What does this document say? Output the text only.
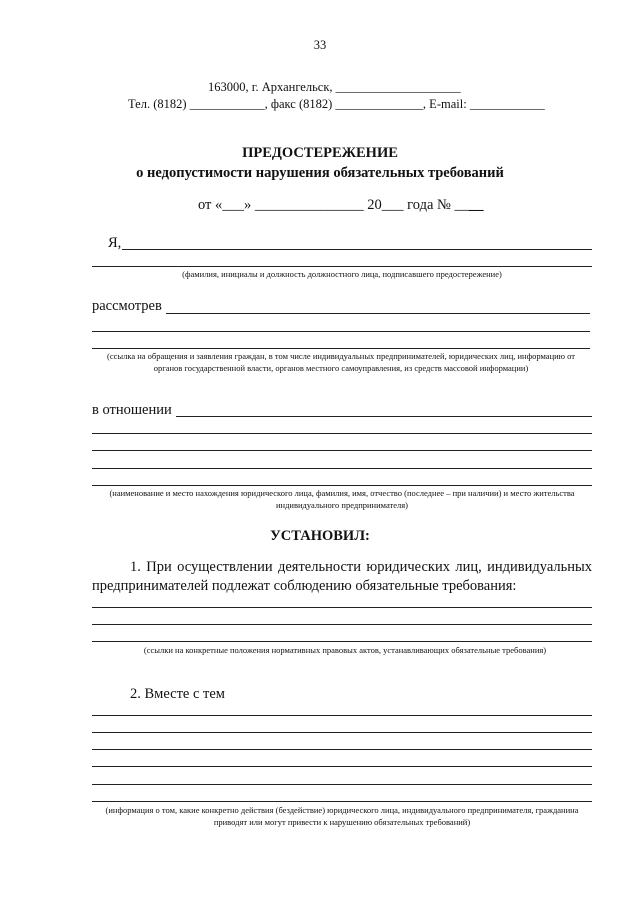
33
163000, г. Архангельск, ____________________
Тел. (8182) ____________, факс (8182) ______________, E-mail: ____________
ПРЕДОСТЕРЕЖЕНИЕ
о недопустимости нарушения обязательных требований
от «___» _______________ 20___ года № ____
Я,
(фамилия, инициалы и должность должностного лица, подписавшего предостережение)
рассмотрев
(ссылка на обращения и заявления граждан, в том числе индивидуальных предпринимателей, юридических лиц, информацию от органов государственной власти, органов местного самоуправления, из средств массовой информации)
в отношении
(наименование и место нахождения юридического лица, фамилия, имя, отчество (последнее – при наличии) и место жительства индивидуального предпринимателя)
УСТАНОВИЛ:
1. При осуществлении деятельности юридических лиц, индивидуальных предпринимателей подлежат соблюдению обязательные требования:
(ссылки на конкретные положения нормативных правовых актов, устанавливающих обязательные требования)
2. Вместе с тем
(информация о том, какие конкретно действия (бездействие) юридического лица, индивидуального предпринимателя, гражданина приводят или могут привести к нарушению обязательных требований)
